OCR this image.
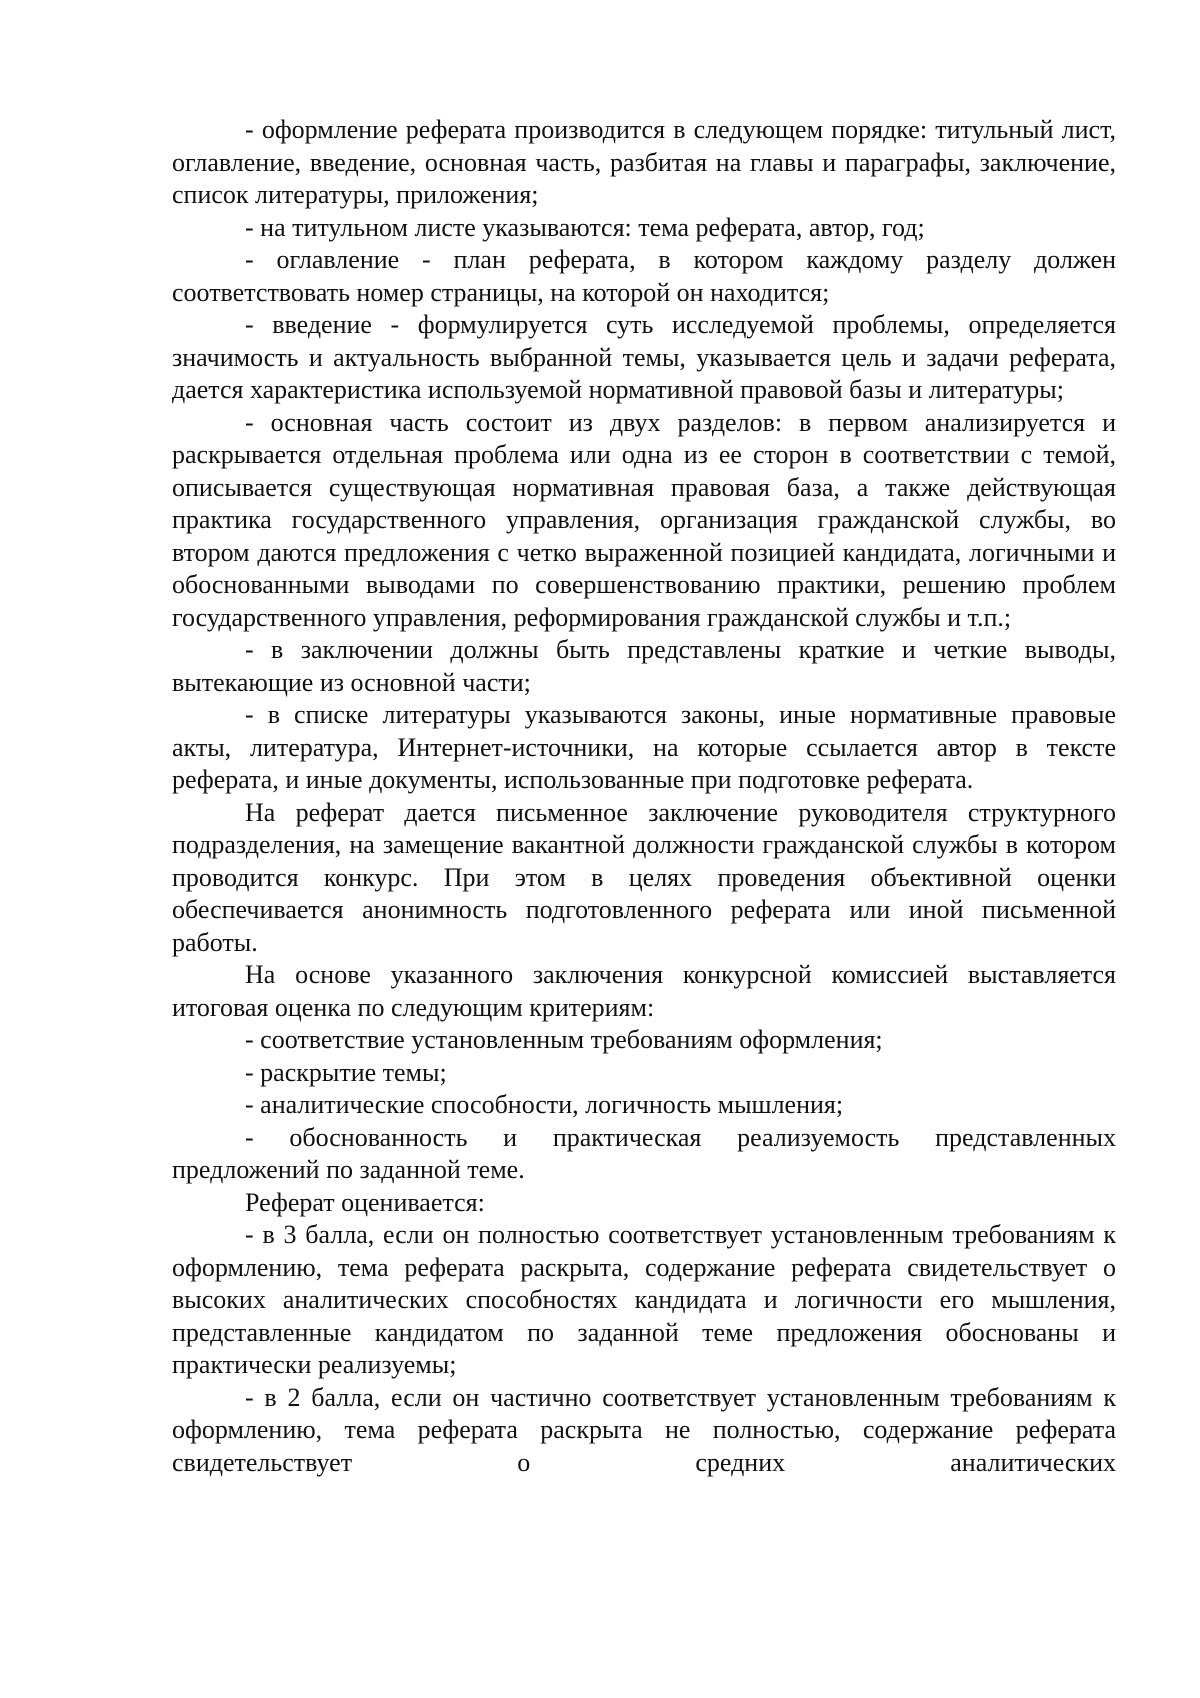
- оформление реферата производится в следующем порядке: титульный лист, оглавление, введение, основная часть, разбитая на главы и параграфы, заключение, список литературы, приложения;

- на титульном листе указываются: тема реферата, автор, год;

- оглавление - план реферата, в котором каждому разделу должен соответствовать номер страницы, на которой он находится;

- введение - формулируется суть исследуемой проблемы, определяется значимость и актуальность выбранной темы, указывается цель и задачи реферата, дается характеристика используемой нормативной правовой базы и литературы;

- основная часть состоит из двух разделов: в первом анализируется и раскрывается отдельная проблема или одна из ее сторон в соответствии с темой, описывается существующая нормативная правовая база, а также действующая практика государственного управления, организация гражданской службы, во втором даются предложения с четко выраженной позицией кандидата, логичными и обоснованными выводами по совершенствованию практики, решению проблем государственного управления, реформирования гражданской службы и т.п.;

- в заключении должны быть представлены краткие и четкие выводы, вытекающие из основной части;

- в списке литературы указываются законы, иные нормативные правовые акты, литература, Интернет-источники, на которые ссылается автор в тексте реферата, и иные документы, использованные при подготовке реферата.

На реферат дается письменное заключение руководителя структурного подразделения, на замещение вакантной должности гражданской службы в котором проводится конкурс. При этом в целях проведения объективной оценки обеспечивается анонимность подготовленного реферата или иной письменной работы.

На основе указанного заключения конкурсной комиссией выставляется итоговая оценка по следующим критериям:

- соответствие установленным требованиям оформления;

- раскрытие темы;

- аналитические способности, логичность мышления;

- обоснованность и практическая реализуемость представленных предложений по заданной теме.

Реферат оценивается:

- в 3 балла, если он полностью соответствует установленным требованиям к оформлению, тема реферата раскрыта, содержание реферата свидетельствует о высоких аналитических способностях кандидата и логичности его мышления, представленные кандидатом по заданной теме предложения обоснованы и практически реализуемы;

- в 2 балла, если он частично соответствует установленным требованиям к оформлению, тема реферата раскрыта не полностью, содержание реферата свидетельствует о средних аналитических
